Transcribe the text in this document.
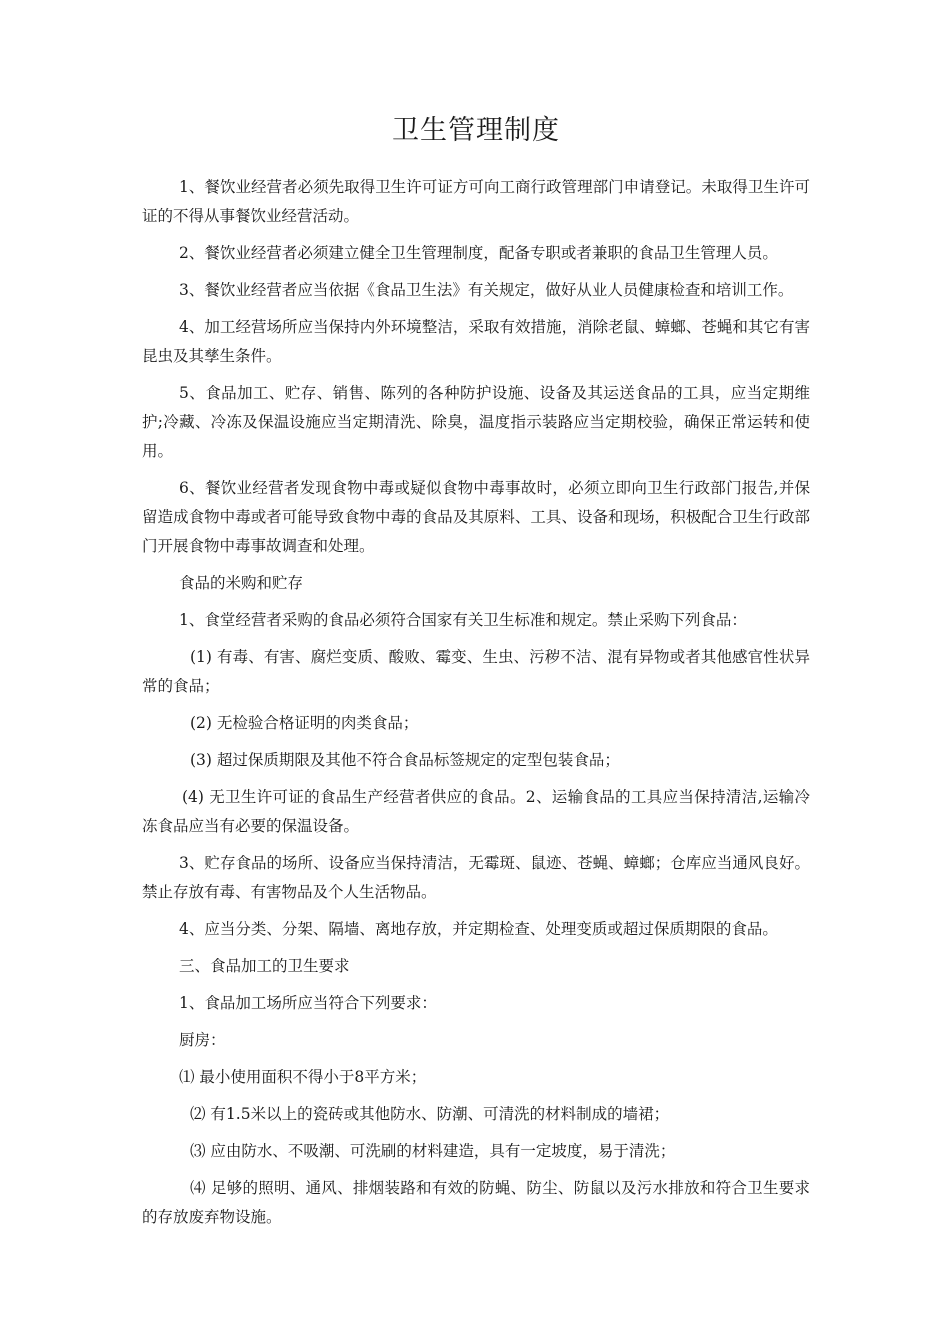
卫生管理制度

1、餐饮业经营者必须先取得卫生许可证方可向工商行政管理部门申请登记。未取得卫生许可证的不得从事餐饮业经营活动。

2、餐饮业经营者必须建立健全卫生管理制度，配备专职或者兼职的食品卫生管理人员。

3、餐饮业经营者应当依据《食品卫生法》有关规定，做好从业人员健康检查和培训工作。

4、加工经营场所应当保持内外环境整洁，采取有效措施，消除老鼠、蟑螂、苍蝇和其它有害昆虫及其孳生条件。

5、食品加工、贮存、销售、陈列的各种防护设施、设备及其运送食品的工具，应当定期维护;冷藏、冷冻及保温设施应当定期清洗、除臭，温度指示装路应当定期校验，确保正常运转和使用。

6、餐饮业经营者发现食物中毒或疑似食物中毒事故时，必须立即向卫生行政部门报告,并保留造成食物中毒或者可能导致食物中毒的食品及其原料、工具、设备和现场，积极配合卫生行政部门开展食物中毒事故调查和处理。

食品的米购和贮存

1、食堂经营者采购的食品必须符合国家有关卫生标准和规定。禁止采购下列食品：

(1) 有毒、有害、腐烂变质、酸败、霉变、生虫、污秽不洁、混有异物或者其他感官性状异常的食品；

(2) 无检验合格证明的肉类食品；

(3) 超过保质期限及其他不符合食品标签规定的定型包装食品；

(4) 无卫生许可证的食品生产经营者供应的食品。2、运输食品的工具应当保持清洁,运输冷冻食品应当有必要的保温设备。

3、贮存食品的场所、设备应当保持清洁，无霉斑、鼠迹、苍蝇、蟑螂；仓库应当通风良好。禁止存放有毒、有害物品及个人生活物品。

4、应当分类、分架、隔墙、离地存放，并定期检查、处理变质或超过保质期限的食品。

三、食品加工的卫生要求

1、食品加工场所应当符合下列要求：

厨房：

⑴ 最小使用面积不得小于8平方米；

⑵ 有1.5米以上的瓷砖或其他防水、防潮、可清洗的材料制成的墙裙；

⑶ 应由防水、不吸潮、可洗刷的材料建造，具有一定坡度，易于清洗；

⑷ 足够的照明、通风、排烟装路和有效的防蝇、防尘、防鼠以及污水排放和符合卫生要求的存放废弃物设施。
